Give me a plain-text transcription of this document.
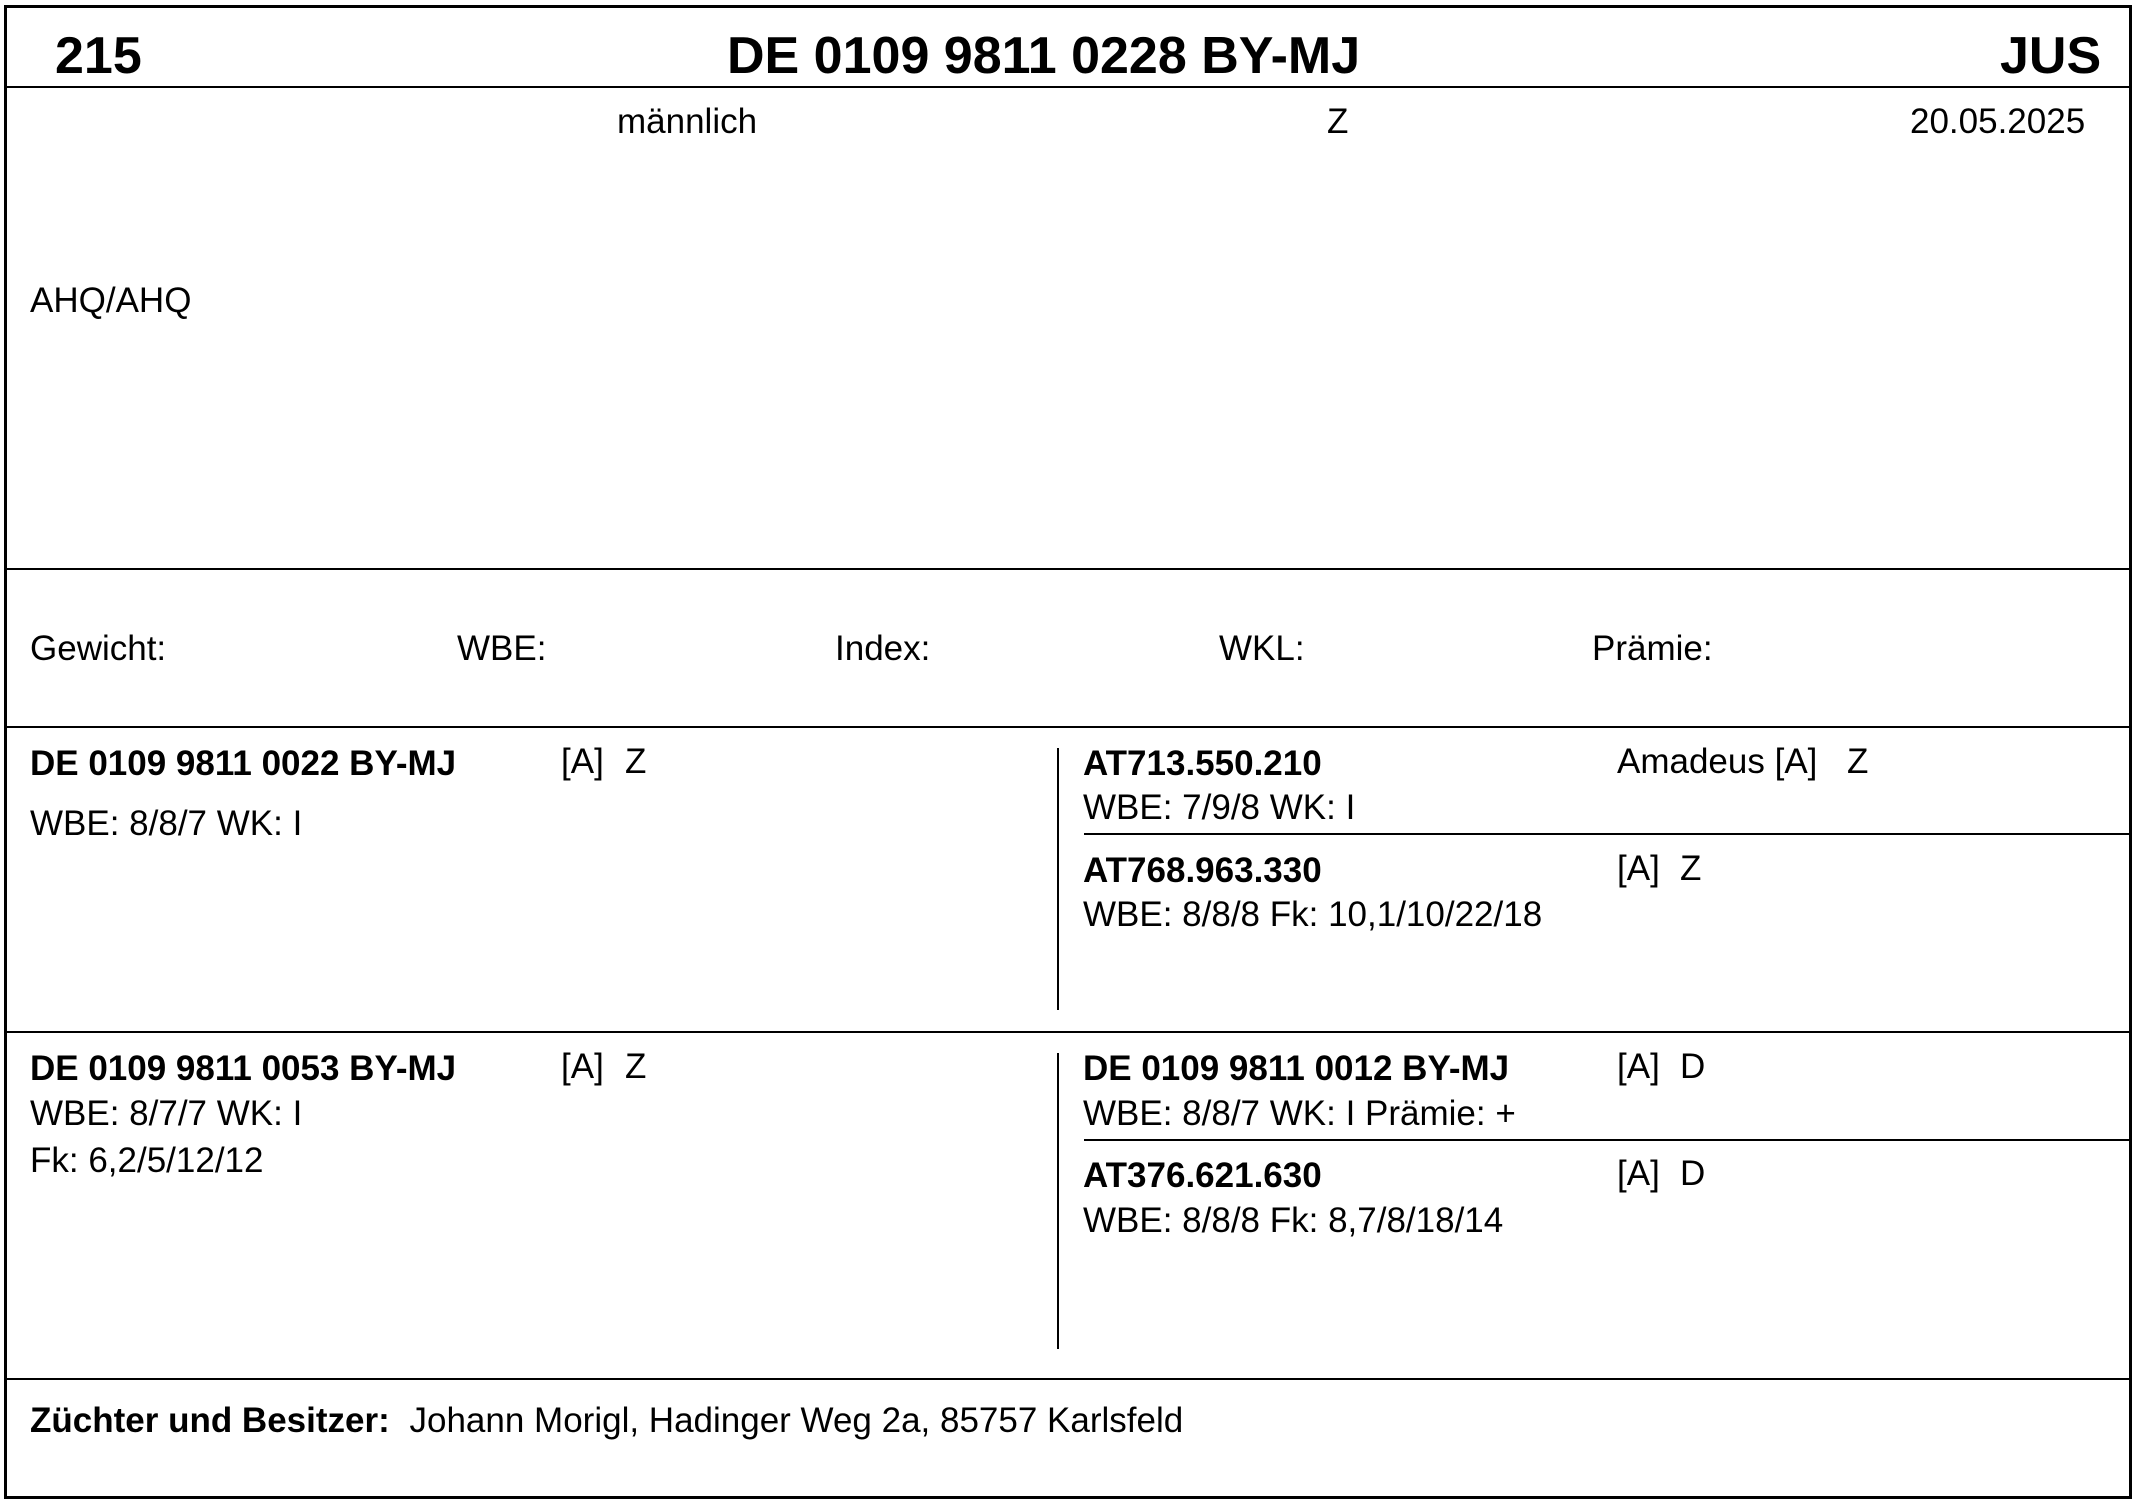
215	DE 0109 9811 0228 BY-MJ	JUS
männlich	Z	20.05.2025
AHQ/AHQ
Gewicht:	WBE:	Index:	WKL:	Prämie:
DE 0109 9811 0022 BY-MJ	[A] Z
WBE: 8/8/7 WK: I
AT713.550.210	Amadeus [A] Z
WBE: 7/9/8 WK: I
AT768.963.330	[A] Z
WBE: 8/8/8 Fk: 10,1/10/22/18
DE 0109 9811 0053 BY-MJ	[A] Z
WBE: 8/7/7 WK: I
Fk: 6,2/5/12/12
DE 0109 9811 0012 BY-MJ	[A] D
WBE: 8/8/7 WK: I Prämie: +
AT376.621.630	[A] D
WBE: 8/8/8 Fk: 8,7/8/18/14
Züchter und Besitzer: Johann Morigl, Hadinger Weg 2a, 85757 Karlsfeld
